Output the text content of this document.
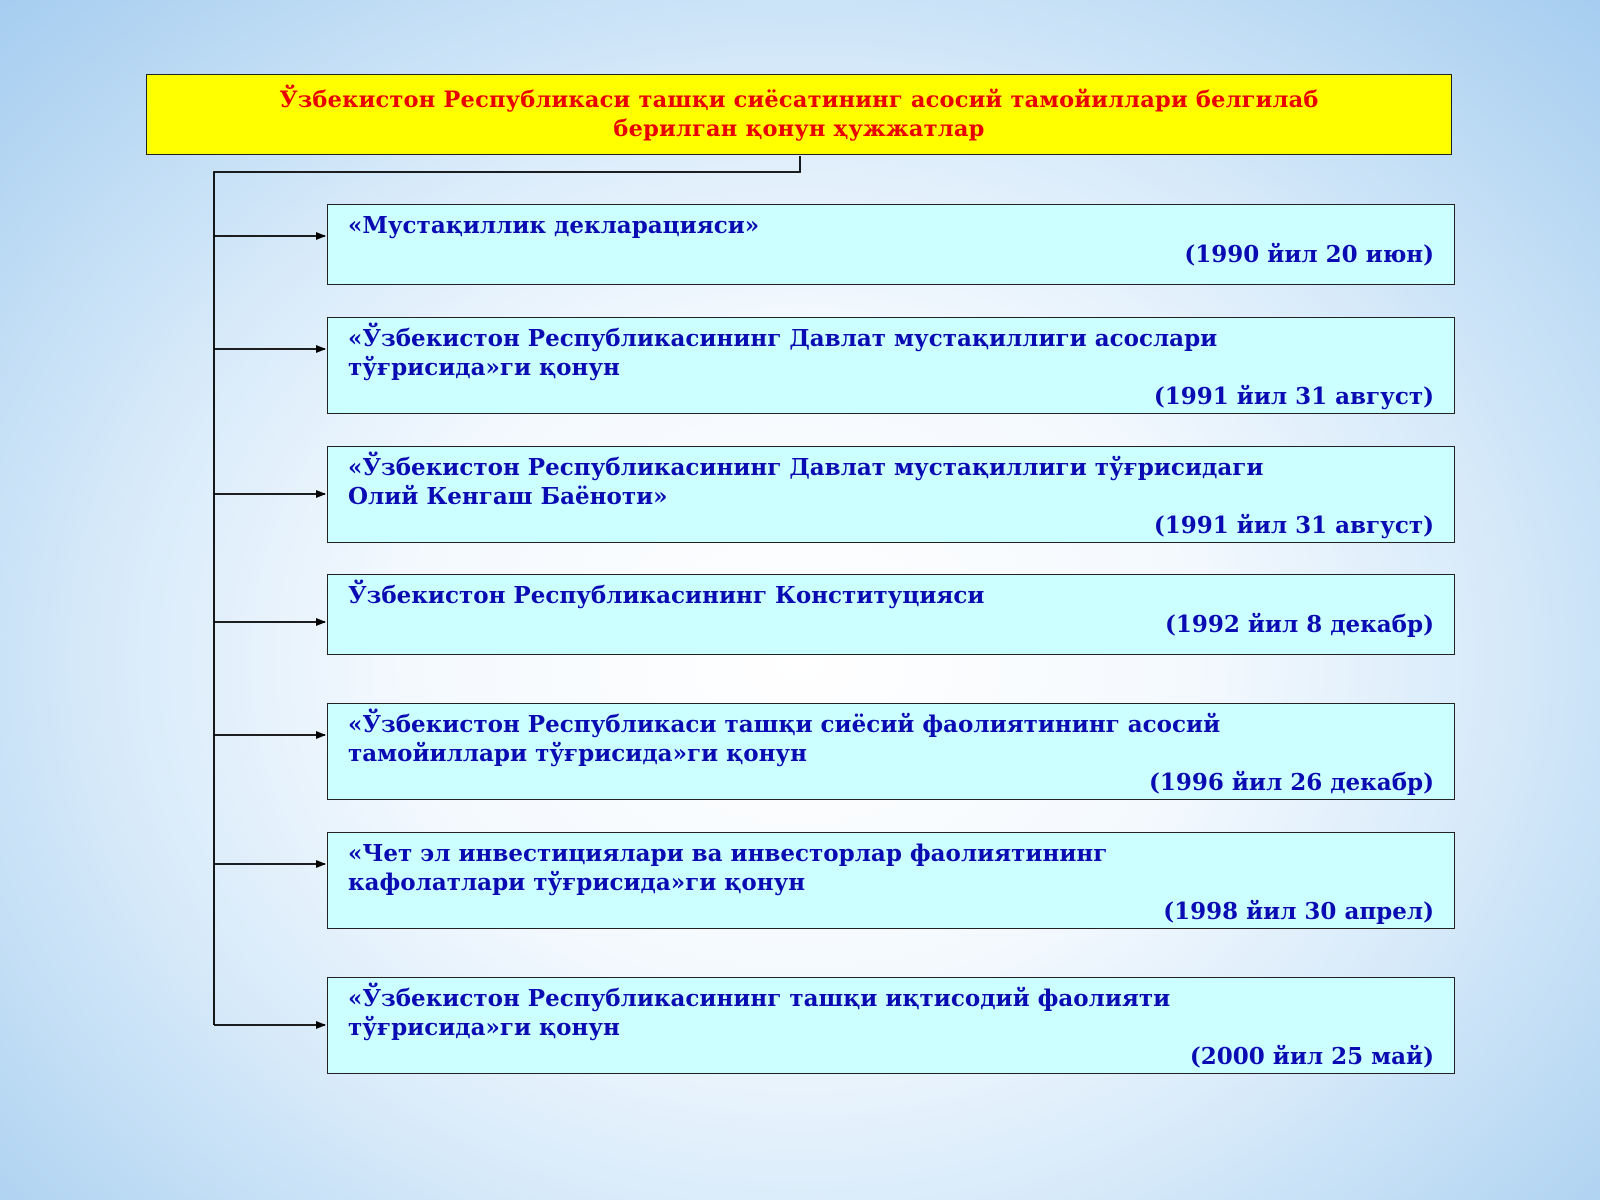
Ўзбекистон Республикаси ташқи сиёсатининг асосий тамойиллари белгилаб
берилган қонун ҳужжатлар
«Мустақиллик декларацияси»
(1990 йил 20 июн)
«Ўзбекистон Республикасининг Давлат мустақиллиги асослари
тўғрисида»ги қонун
(1991 йил 31 август)
«Ўзбекистон Республикасининг Давлат мустақиллиги тўғрисидаги
Олий Кенгаш Баёноти»
(1991 йил 31 август)
Ўзбекистон Республикасининг Конституцияси
(1992 йил 8 декабр)
«Ўзбекистон Республикаси ташқи сиёсий фаолиятининг асосий
тамойиллари тўғрисида»ги қонун
(1996 йил 26 декабр)
«Чет эл инвестициялари ва инвесторлар фаолиятининг
кафолатлари тўғрисида»ги қонун
(1998 йил 30 апрел)
«Ўзбекистон Республикасининг ташқи иқтисодий фаолияти
тўғрисида»ги қонун
(2000 йил 25 май)
